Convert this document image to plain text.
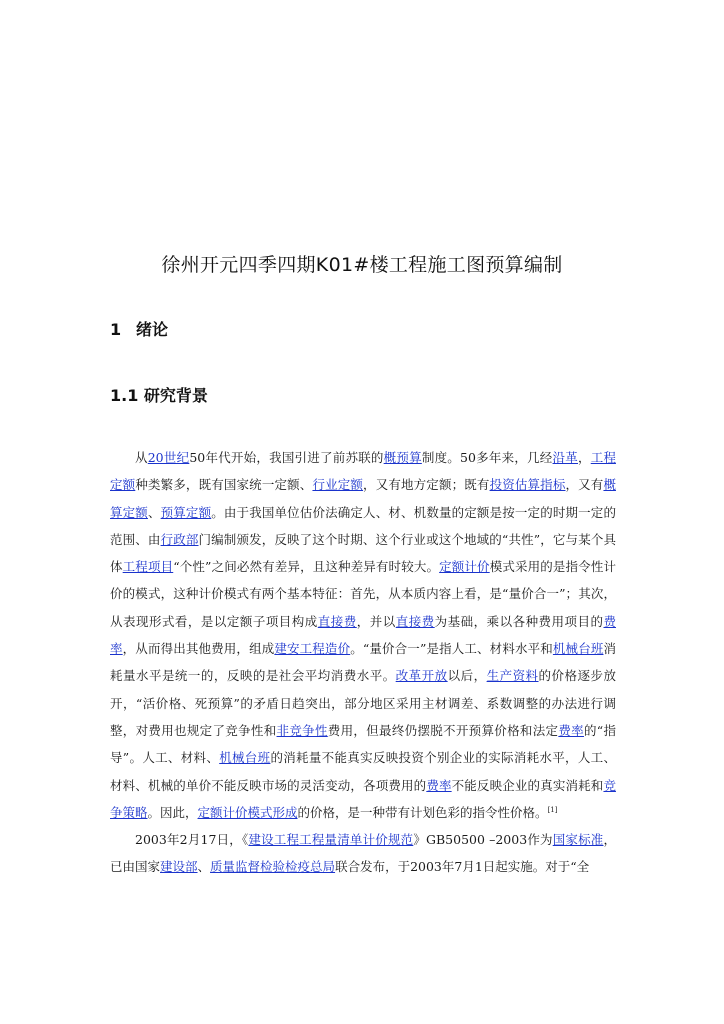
徐州开元四季四期K01#楼工程施工图预算编制
1 绪论
1.1 研究背景

从20世纪50年代开始，我国引进了前苏联的概预算制度。50多年来，几经沿革，工程定额种类繁多，既有国家统一定额、行业定额，又有地方定额；既有投资估算指标，又有概算定额、预算定额。由于我国单位估价法确定人、材、机数量的定额是按一定的时期一定的范围、由行政部门编制颁发，反映了这个时期、这个行业或这个地域的“共性”，它与某个具体工程项目“个性”之间必然有差异，且这种差异有时较大。定额计价模式采用的是指令性计价的模式，这种计价模式有两个基本特征：首先，从本质内容上看，是“量价合一”；其次，从表现形式看，是以定额子项目构成直接费，并以直接费为基础，乘以各种费用项目的费率，从而得出其他费用，组成建安工程造价。“量价合一”是指人工、材料水平和机械台班消耗量水平是统一的，反映的是社会平均消费水平。改革开放以后，生产资料的价格逐步放开，“活价格、死预算”的矛盾日趋突出，部分地区采用主材调差、系数调整的办法进行调整，对费用也规定了竞争性和非竞争性费用，但最终仍摆脱不开预算价格和法定费率的“指导”。人工、材料、机械台班的消耗量不能真实反映投资个别企业的实际消耗水平，人工、材料、机械的单价不能反映市场的灵活变动，各项费用的费率不能反映企业的真实消耗和竞争策略。因此，定额计价模式形成的价格，是一种带有计划色彩的指令性价格。[1]

2003年2月17日，《建设工程工程量清单计价规范》GB50500 –2003作为国家标准，已由国家建设部、质量监督检验检疫总局联合发布，于2003年7月1日起实施。对于“全
